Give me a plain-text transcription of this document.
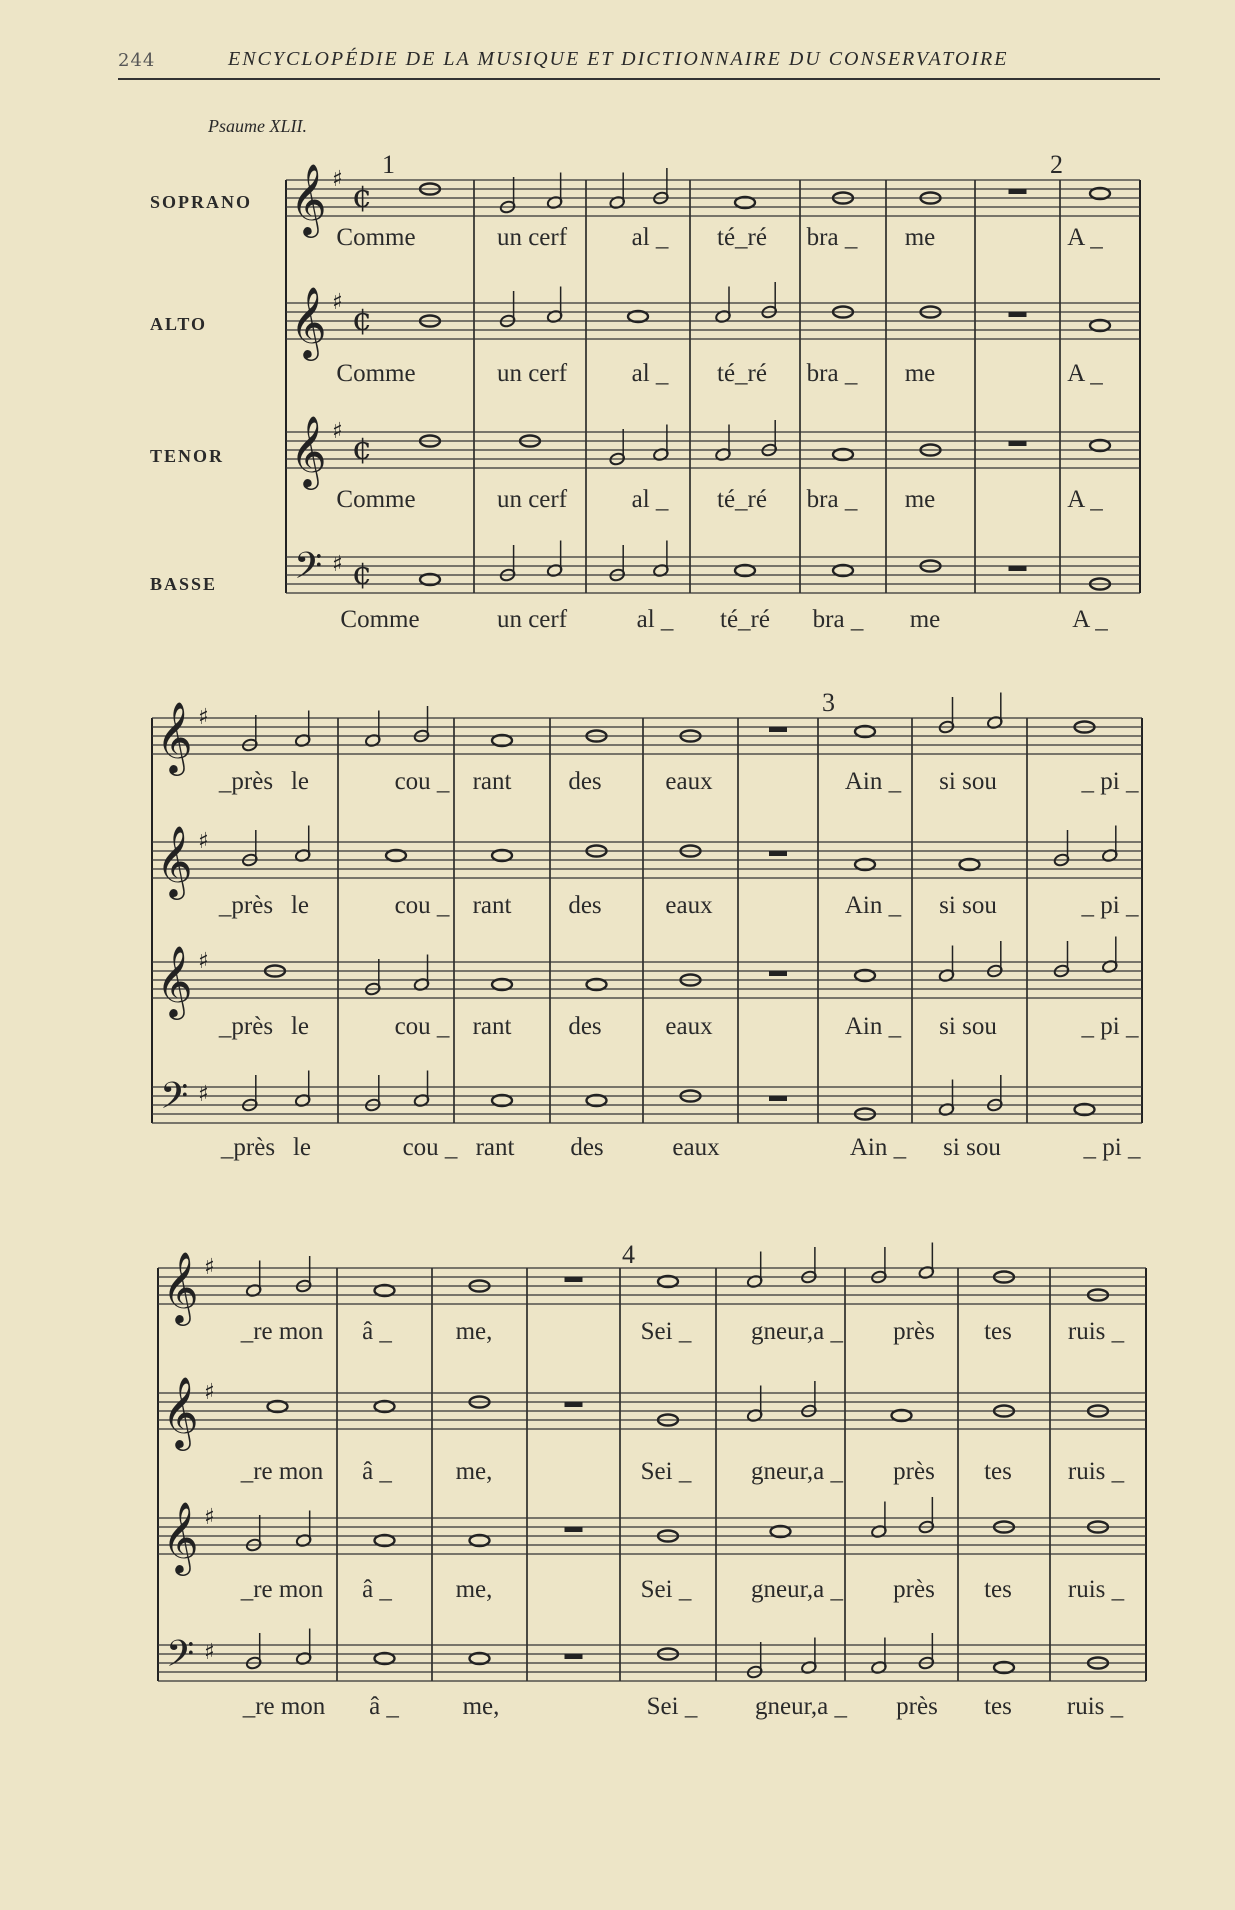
244	ENCYCLOPÉDIE DE LA MUSIQUE ET DICTIONNAIRE DU CONSERVATOIRE
Psaume XLII.
SOPRANO
ALTO
TENOR
BASSE
1	2
3
4
𝄞 ♯ ¢
𝄞 ♯ ¢
𝄞 ♯ ¢
𝄢 ♯ ¢
𝄞 ♯
𝄞 ♯
𝄞 ♯
𝄢 ♯
𝄞 ♯
𝄞 ♯
𝄞 ♯
𝄢 ♯
Comme	un cerf	al _ té_ré bra _ me	A _
Comme	un cerf	al _ té_ré bra _ me	A _
Comme	un cerf	al _ té_ré bra _ me	A _
Comme	un cerf	al _ té_ré bra _ me	A _
_près le	cou _ rant des	eaux	Ain _ si sou	_ pi _
_près le	cou _ rant des	eaux	Ain _ si sou	_ pi _
_près le	cou _ rant des	eaux	Ain _ si sou	_ pi _
_près le	cou _ rant des	eaux	Ain _ si sou	_ pi _
_re mon â _	me,	Sei _ gneur,a _ près tes ruis _
_re mon â _	me,	Sei _ gneur,a _ près tes ruis _
_re mon â _	me,	Sei _ gneur,a _ près tes ruis _
_re mon â _	me,	Sei _ gneur,a _ près tes ruis _
